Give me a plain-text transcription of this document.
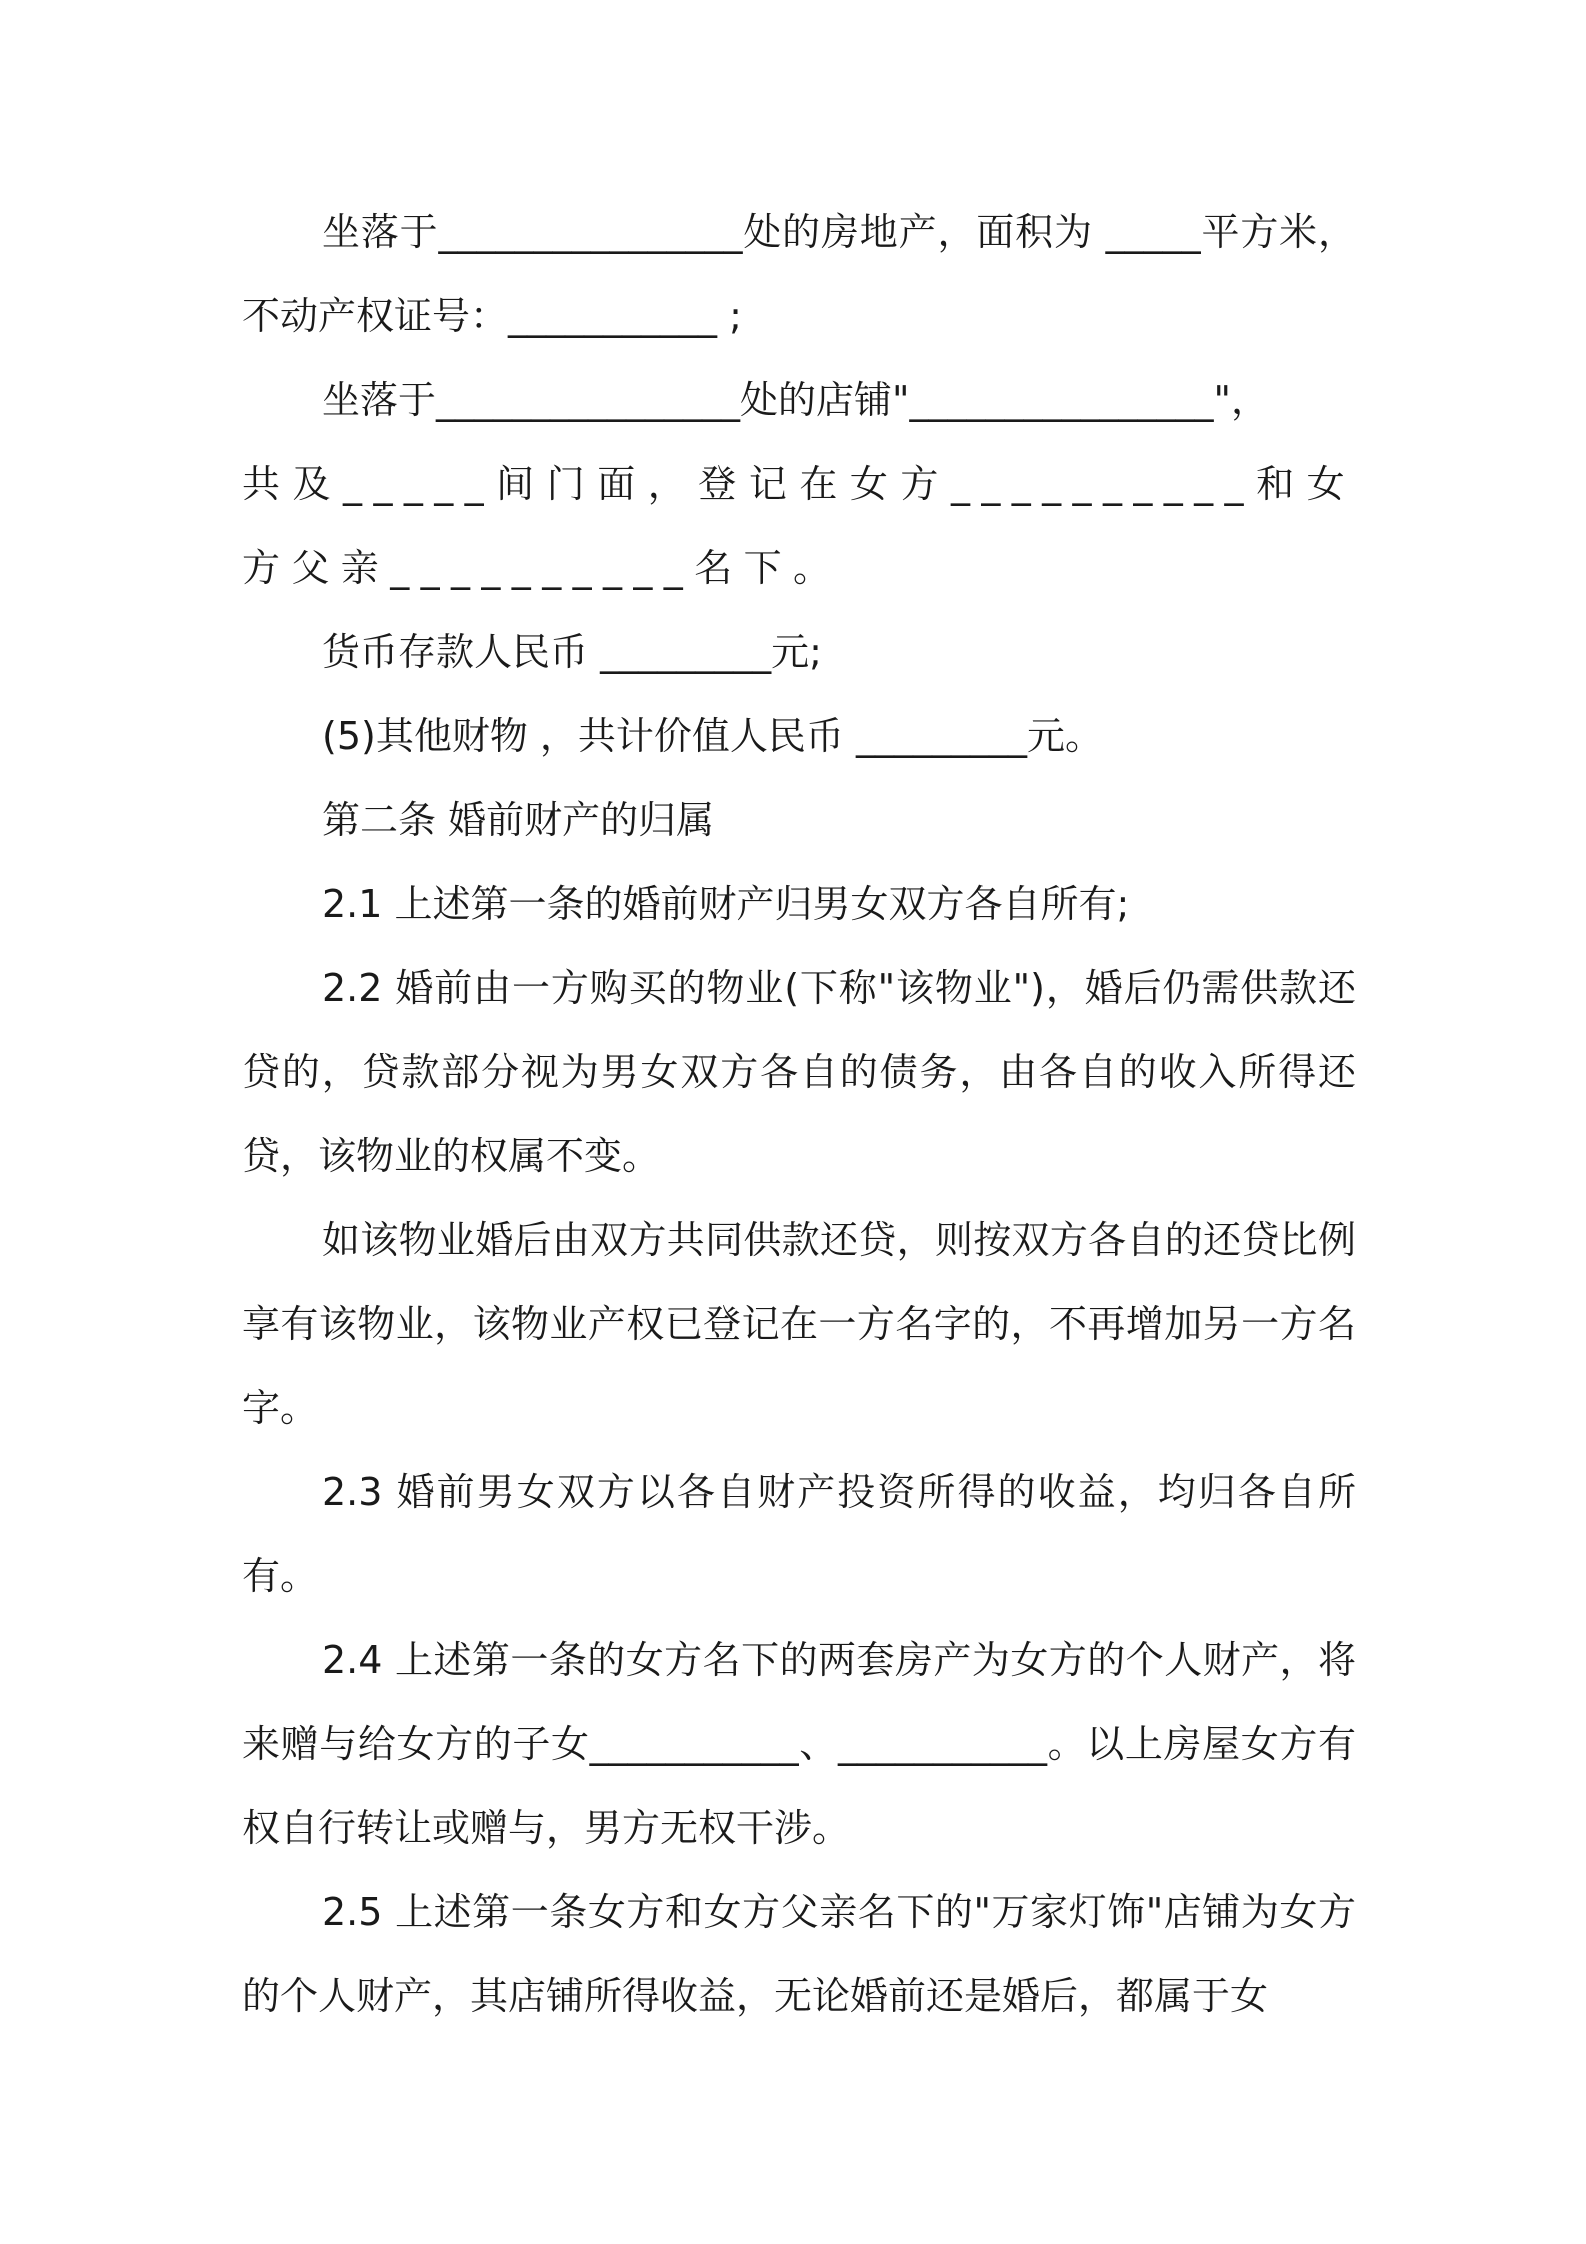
坐落于________________处的房地产，面积为 _____平方米，不动产权证号：___________ ;

坐落于________________处的店铺"________________"，

共及_____间门面，登记在女方__________和女方父亲__________名下。

货币存款人民币 _________元;

(5)其他财物 ，共计价值人民币 _________元。

第二条 婚前财产的归属

2.1 上述第一条的婚前财产归男女双方各自所有;

2.2 婚前由一方购买的物业(下称"该物业")，婚后仍需供款还贷的，贷款部分视为男女双方各自的债务，由各自的收入所得还贷，该物业的权属不变。

如该物业婚后由双方共同供款还贷，则按双方各自的还贷比例享有该物业，该物业产权已登记在一方名字的，不再增加另一方名字。

2.3 婚前男女双方以各自财产投资所得的收益，均归各自所有。

2.4 上述第一条的女方名下的两套房产为女方的个人财产，将来赠与给女方的子女___________、___________。以上房屋女方有权自行转让或赠与，男方无权干涉。

2.5 上述第一条女方和女方父亲名下的"万家灯饰"店铺为女方的个人财产，其店铺所得收益，无论婚前还是婚后，都属于女
